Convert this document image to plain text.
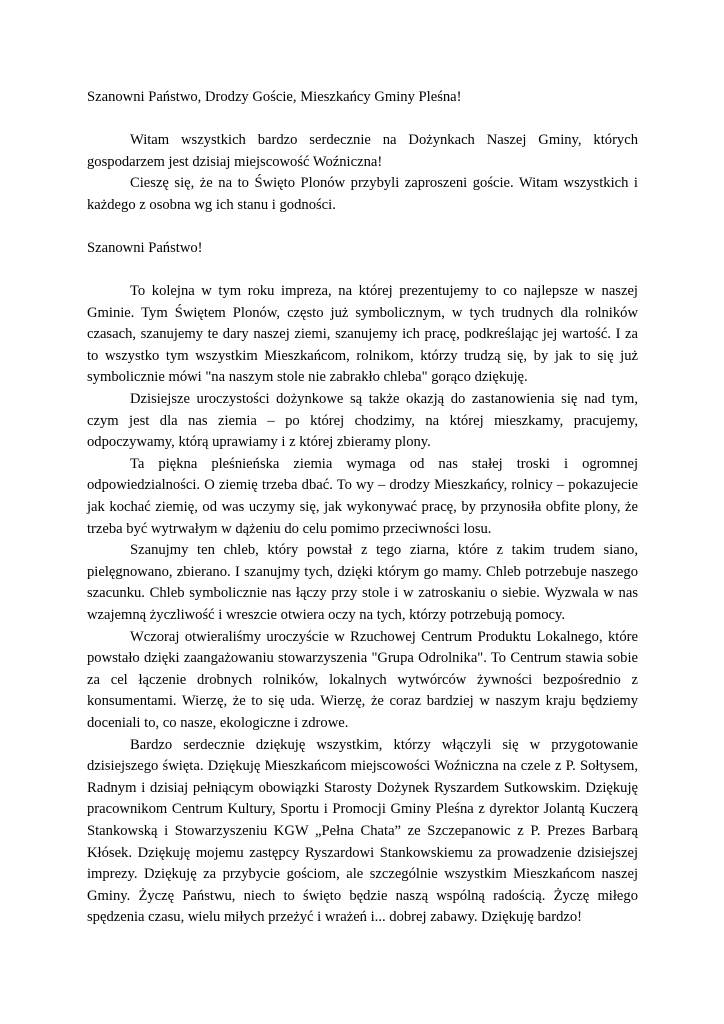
Szanowni Państwo, Drodzy Goście, Mieszkańcy Gminy Pleśna!

Witam wszystkich bardzo serdecznie na Dożynkach Naszej Gminy, których gospodarzem jest dzisiaj miejscowość Woźniczna!

Cieszę się, że na to Święto Plonów przybyli zaproszeni goście. Witam wszystkich i każdego z osobna wg ich stanu i godności.

Szanowni Państwo!

To kolejna w tym roku impreza, na której prezentujemy to co najlepsze w naszej Gminie. Tym Świętem Plonów, często już symbolicznym, w tych trudnych dla rolników czasach, szanujemy te dary naszej ziemi, szanujemy ich pracę, podkreślając jej wartość. I za to wszystko tym wszystkim Mieszkańcom, rolnikom, którzy trudzą się, by jak to się już symbolicznie mówi "na naszym stole nie zabrakło chleba" gorąco dziękuję.

Dzisiejsze uroczystości dożynkowe są także okazją do zastanowienia się nad tym, czym jest dla nas ziemia – po której chodzimy, na której mieszkamy, pracujemy, odpoczywamy, którą uprawiamy i z której zbieramy plony.

Ta piękna pleśnieńska ziemia wymaga od nas stałej troski i ogromnej odpowiedzialności. O ziemię trzeba dbać. To wy – drodzy Mieszkańcy, rolnicy – pokazujecie jak kochać ziemię, od was uczymy się, jak wykonywać pracę, by przynosiła obfite plony, że trzeba być wytrwałym w dążeniu do celu pomimo przeciwności losu.

Szanujmy ten chleb, który powstał z tego ziarna, które z takim trudem siano, pielęgnowano, zbierano. I szanujmy tych, dzięki którym go mamy. Chleb potrzebuje naszego szacunku. Chleb symbolicznie nas łączy przy stole i w zatroskaniu o siebie. Wyzwala w nas wzajemną życzliwość i wreszcie otwiera oczy na tych, którzy potrzebują pomocy.

Wczoraj otwieraliśmy uroczyście w Rzuchowej Centrum Produktu Lokalnego, które powstało dzięki zaangażowaniu stowarzyszenia "Grupa Odrolnika". To Centrum stawia sobie za cel łączenie drobnych rolników, lokalnych wytwórców żywności bezpośrednio z konsumentami. Wierzę, że to się uda. Wierzę, że coraz bardziej w naszym kraju będziemy doceniali to, co nasze, ekologiczne i zdrowe.

Bardzo serdecznie dziękuję wszystkim, którzy włączyli się w przygotowanie dzisiejszego święta. Dziękuję Mieszkańcom miejscowości Woźniczna na czele z P. Sołtysem, Radnym i dzisiaj pełniącym obowiązki Starosty Dożynek Ryszardem Sutkowskim. Dziękuję pracownikom Centrum Kultury, Sportu i Promocji Gminy Pleśna z dyrektor Jolantą Kuczerą Stankowską i Stowarzyszeniu KGW „Pełna Chata” ze Szczepanowic z P. Prezes Barbarą Kłósek. Dziękuję mojemu zastępcy Ryszardowi Stankowskiemu za prowadzenie dzisiejszej imprezy. Dziękuję za przybycie gościom, ale szczególnie wszystkim Mieszkańcom naszej Gminy. Życzę Państwu, niech to święto będzie naszą wspólną radością. Życzę miłego spędzenia czasu, wielu miłych przeżyć i wrażeń i... dobrej zabawy. Dziękuję bardzo!
